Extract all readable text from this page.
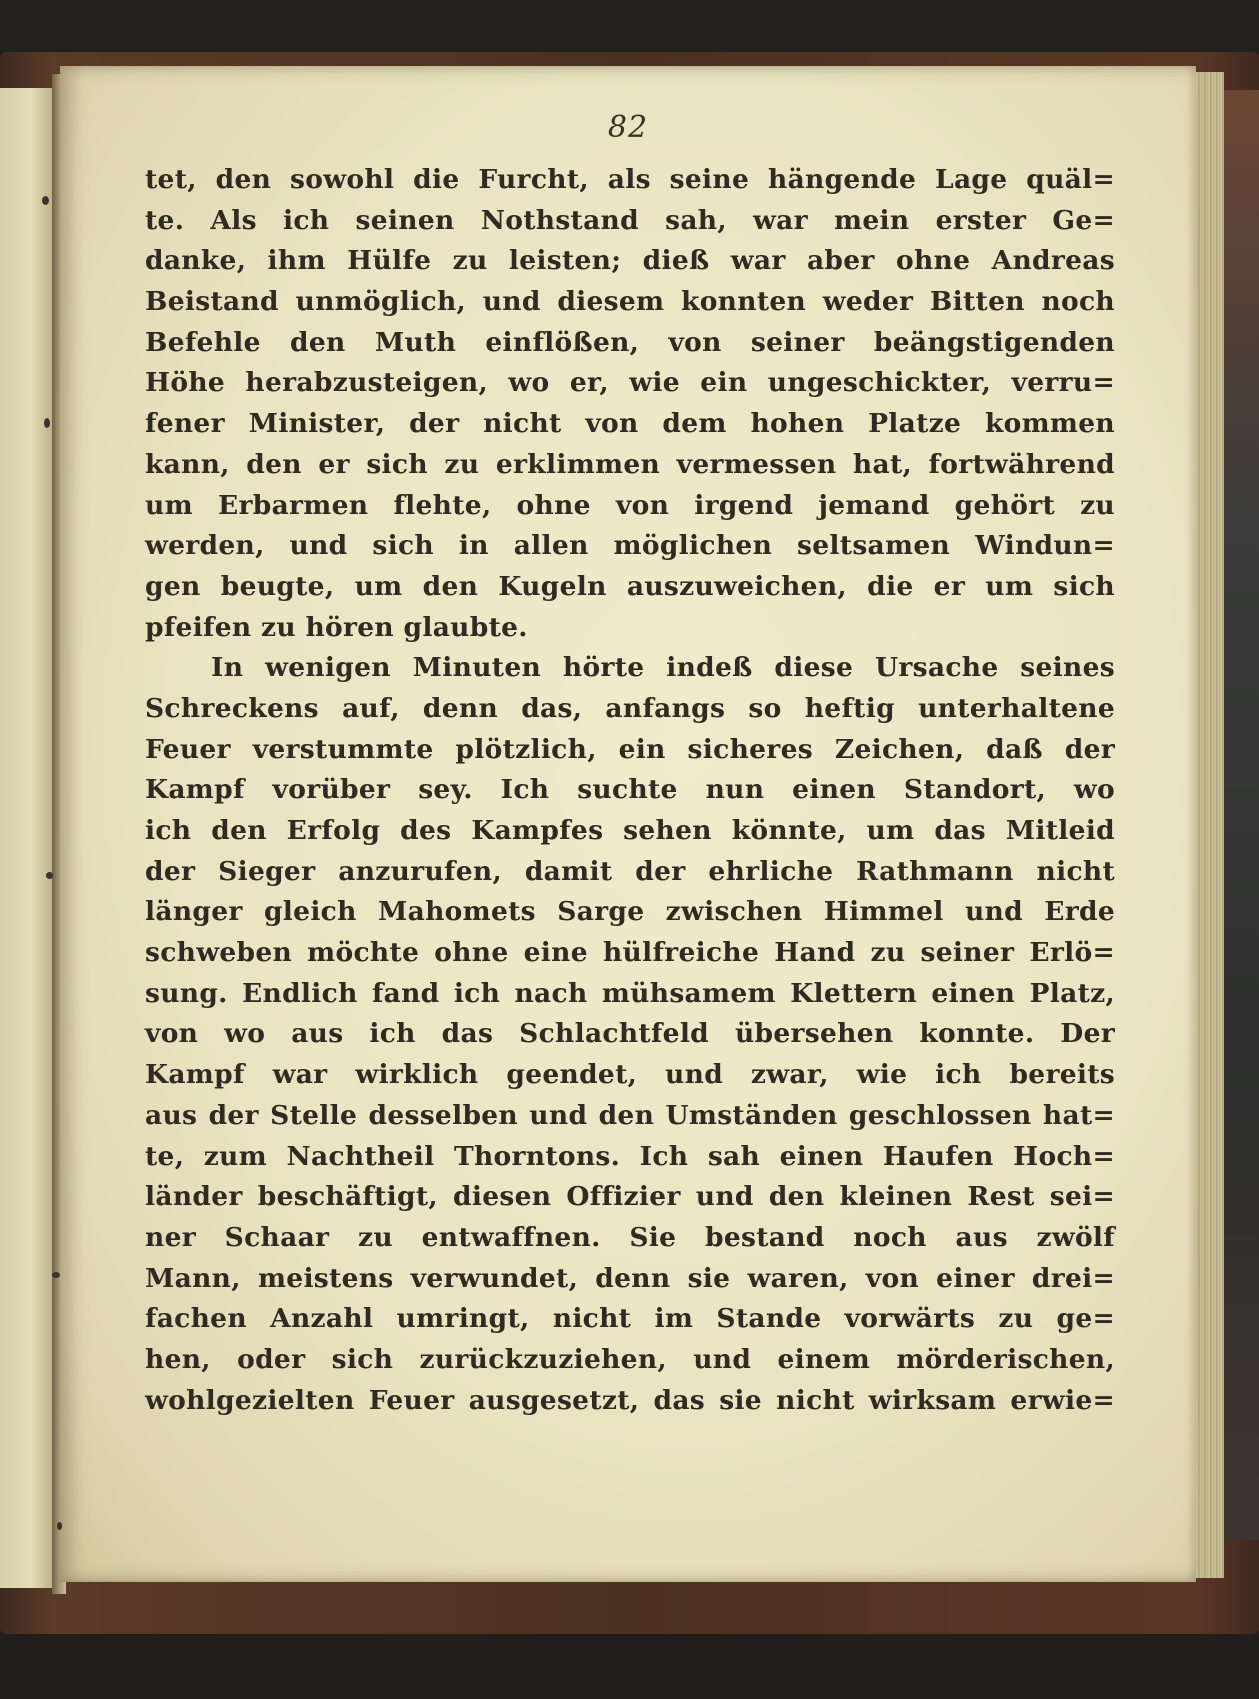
82
tet, den sowohl die Furcht, als seine hängende Lage quäl=
te. Als ich seinen Nothstand sah, war mein erster Ge=
danke, ihm Hülfe zu leisten; dieß war aber ohne Andreas
Beistand unmöglich, und diesem konnten weder Bitten noch
Befehle den Muth einflößen, von seiner beängstigenden
Höhe herabzusteigen, wo er, wie ein ungeschickter, verru=
fener Minister, der nicht von dem hohen Platze kommen
kann, den er sich zu erklimmen vermessen hat, fortwährend
um Erbarmen flehte, ohne von irgend jemand gehört zu
werden, und sich in allen möglichen seltsamen Windun=
gen beugte, um den Kugeln auszuweichen, die er um sich
pfeifen zu hören glaubte.
In wenigen Minuten hörte indeß diese Ursache seines
Schreckens auf, denn das, anfangs so heftig unterhaltene
Feuer verstummte plötzlich, ein sicheres Zeichen, daß der
Kampf vorüber sey. Ich suchte nun einen Standort, wo
ich den Erfolg des Kampfes sehen könnte, um das Mitleid
der Sieger anzurufen, damit der ehrliche Rathmann nicht
länger gleich Mahomets Sarge zwischen Himmel und Erde
schweben möchte ohne eine hülfreiche Hand zu seiner Erlö=
sung. Endlich fand ich nach mühsamem Klettern einen Platz,
von wo aus ich das Schlachtfeld übersehen konnte. Der
Kampf war wirklich geendet, und zwar, wie ich bereits
aus der Stelle desselben und den Umständen geschlossen hat=
te, zum Nachtheil Thorntons. Ich sah einen Haufen Hoch=
länder beschäftigt, diesen Offizier und den kleinen Rest sei=
ner Schaar zu entwaffnen. Sie bestand noch aus zwölf
Mann, meistens verwundet, denn sie waren, von einer drei=
fachen Anzahl umringt, nicht im Stande vorwärts zu ge=
hen, oder sich zurückzuziehen, und einem mörderischen,
wohlgezielten Feuer ausgesetzt, das sie nicht wirksam erwie=
